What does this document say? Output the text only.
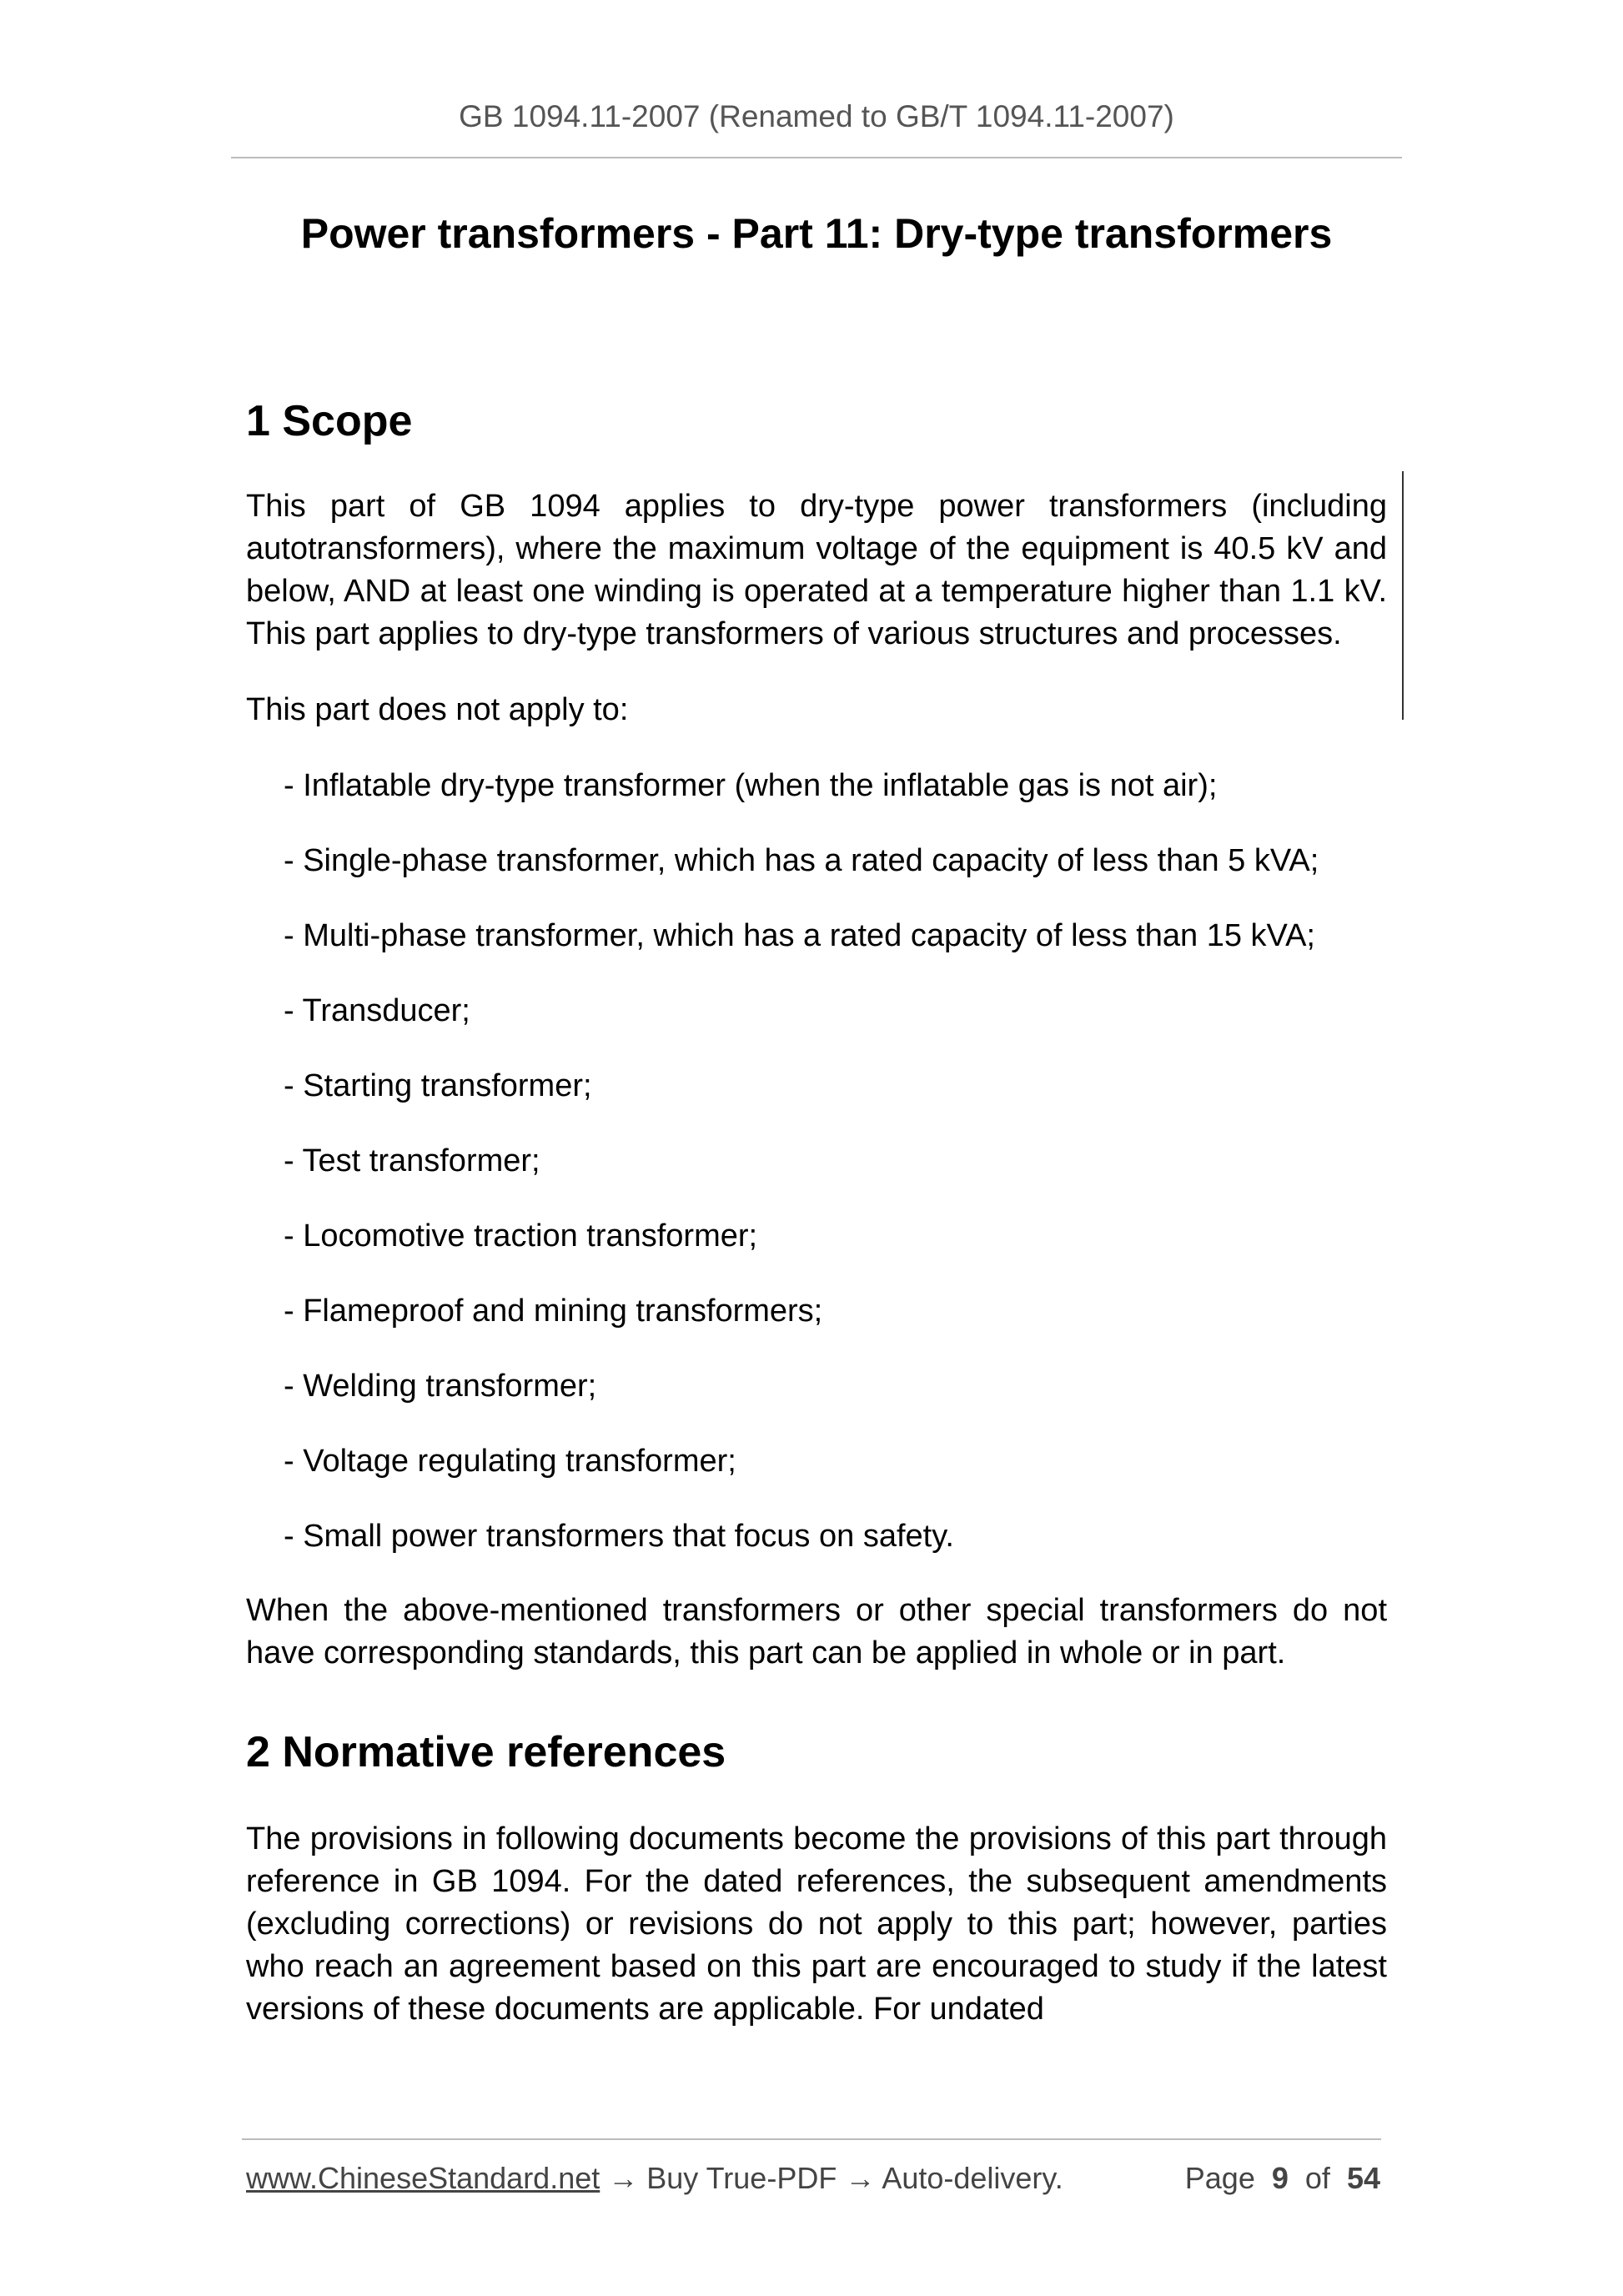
GB 1094.11-2007 (Renamed to GB/T 1094.11-2007)
Power transformers - Part 11: Dry-type transformers
1 Scope

This part of GB 1094 applies to dry-type power transformers (including autotransformers), where the maximum voltage of the equipment is 40.5 kV and below, AND at least one winding is operated at a temperature higher than 1.1 kV. This part applies to dry-type transformers of various structures and processes.

This part does not apply to:

- Inflatable dry-type transformer (when the inflatable gas is not air);
- Single-phase transformer, which has a rated capacity of less than 5 kVA;
- Multi-phase transformer, which has a rated capacity of less than 15 kVA;
- Transducer;
- Starting transformer;
- Test transformer;
- Locomotive traction transformer;
- Flameproof and mining transformers;
- Welding transformer;
- Voltage regulating transformer;
- Small power transformers that focus on safety.

When the above-mentioned transformers or other special transformers do not have corresponding standards, this part can be applied in whole or in part.

2 Normative references

The provisions in following documents become the provisions of this part through reference in GB 1094. For the dated references, the subsequent amendments (excluding corrections) or revisions do not apply to this part; however, parties who reach an agreement based on this part are encouraged to study if the latest versions of these documents are applicable. For undated

www.ChineseStandard.net → Buy True-PDF → Auto-delivery.	Page 9 of 54
